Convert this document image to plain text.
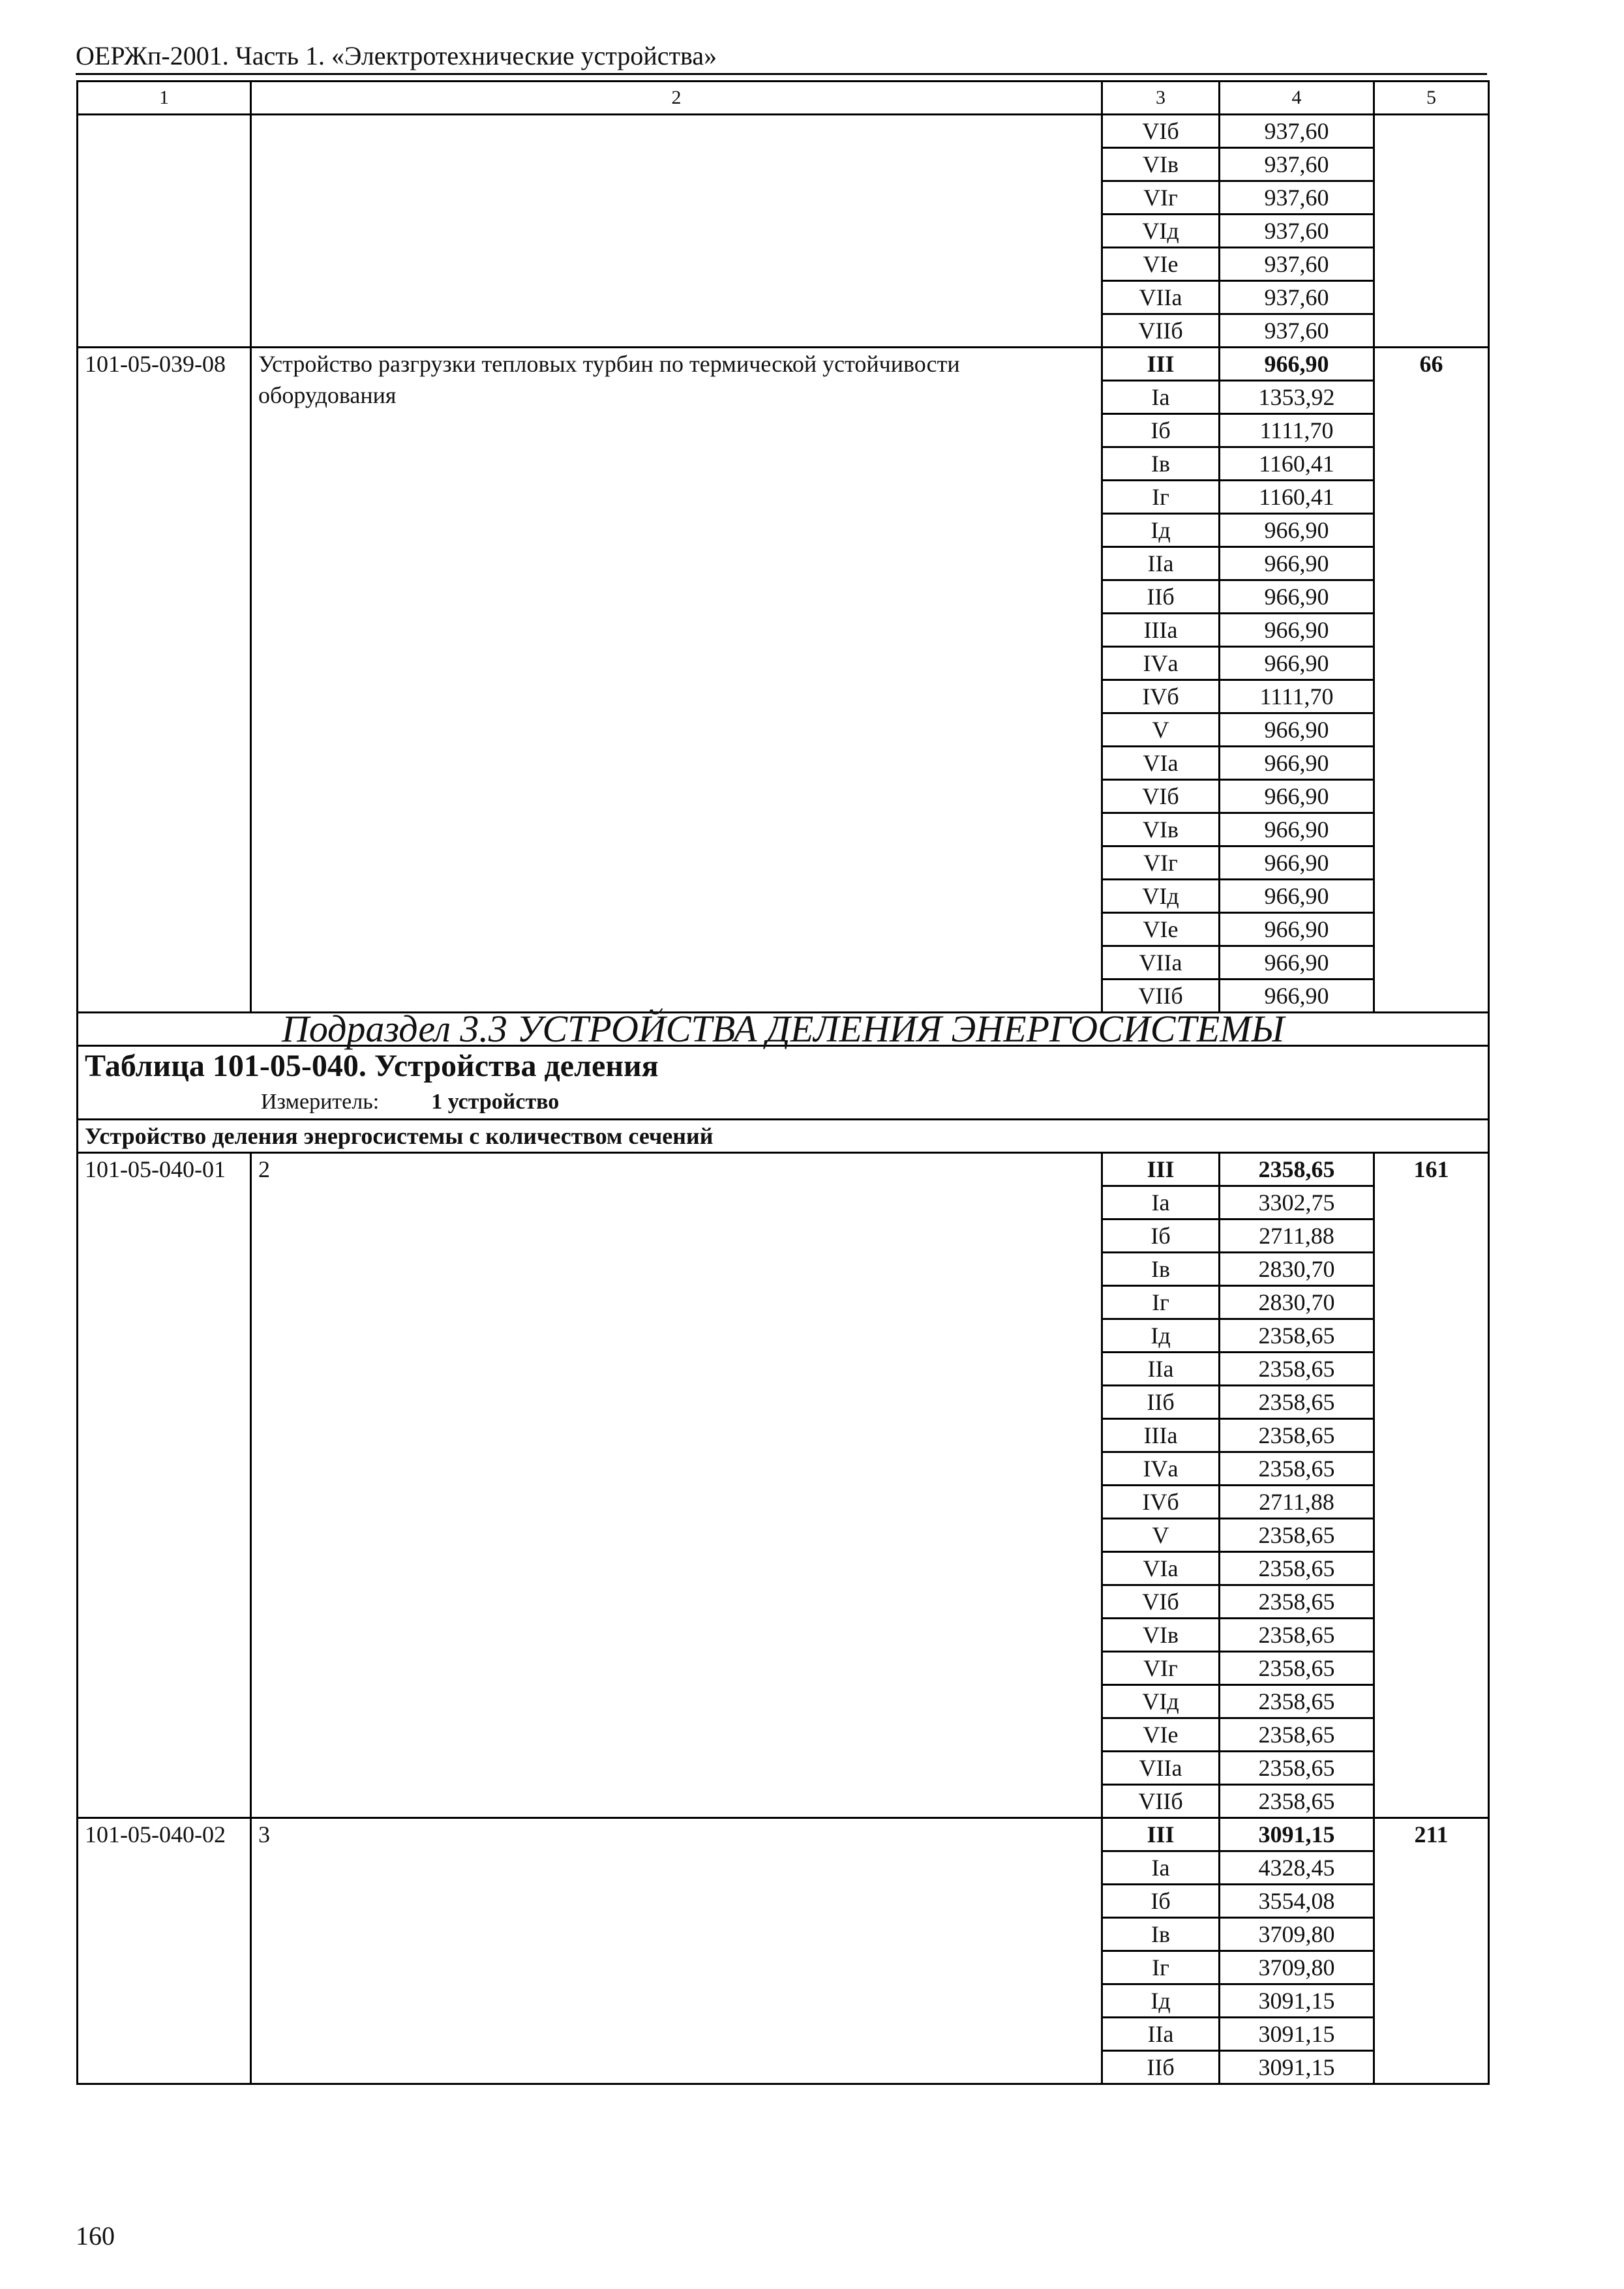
ОЕРЖп-2001. Часть 1. «Электротехнические устройства»
1	2	3	4	5
		VIб	937,60	
		VIв	937,60	
		VIг	937,60	
		VIд	937,60	
		VIе	937,60	
		VIIа	937,60	
		VIIб	937,60	
101-05-039-08	Устройство разгрузки тепловых турбин по термической устойчивости оборудования	III	966,90	66
		Iа	1353,92	
		Iб	1111,70	
		Iв	1160,41	
		Iг	1160,41	
		Iд	966,90	
		IIа	966,90	
		IIб	966,90	
		IIIа	966,90	
		IVа	966,90	
		IVб	1111,70	
		V	966,90	
		VIа	966,90	
		VIб	966,90	
		VIв	966,90	
		VIг	966,90	
		VIд	966,90	
		VIе	966,90	
		VIIа	966,90	
		VIIб	966,90	
Подраздел 3.3 УСТРОЙСТВА ДЕЛЕНИЯ ЭНЕРГОСИСТЕМЫ				

Таблица 101-05-040. Устройства деления
Измеритель: 1 устройство				

Устройство деления энергосистемы с количеством сечений				
101-05-040-01	2	III	2358,65	161
		Iа	3302,75	
		Iб	2711,88	
		Iв	2830,70	
		Iг	2830,70	
		Iд	2358,65	
		IIа	2358,65	
		IIб	2358,65	
		IIIа	2358,65	
		IVа	2358,65	
		IVб	2711,88	
		V	2358,65	
		VIа	2358,65	
		VIб	2358,65	
		VIв	2358,65	
		VIг	2358,65	
		VIд	2358,65	
		VIе	2358,65	
		VIIа	2358,65	
		VIIб	2358,65	
101-05-040-02	3	III	3091,15	211
		Iа	4328,45	
		Iб	3554,08	
		Iв	3709,80	
		Iг	3709,80	
		Iд	3091,15	
		IIа	3091,15	
		IIб	3091,15	
160
